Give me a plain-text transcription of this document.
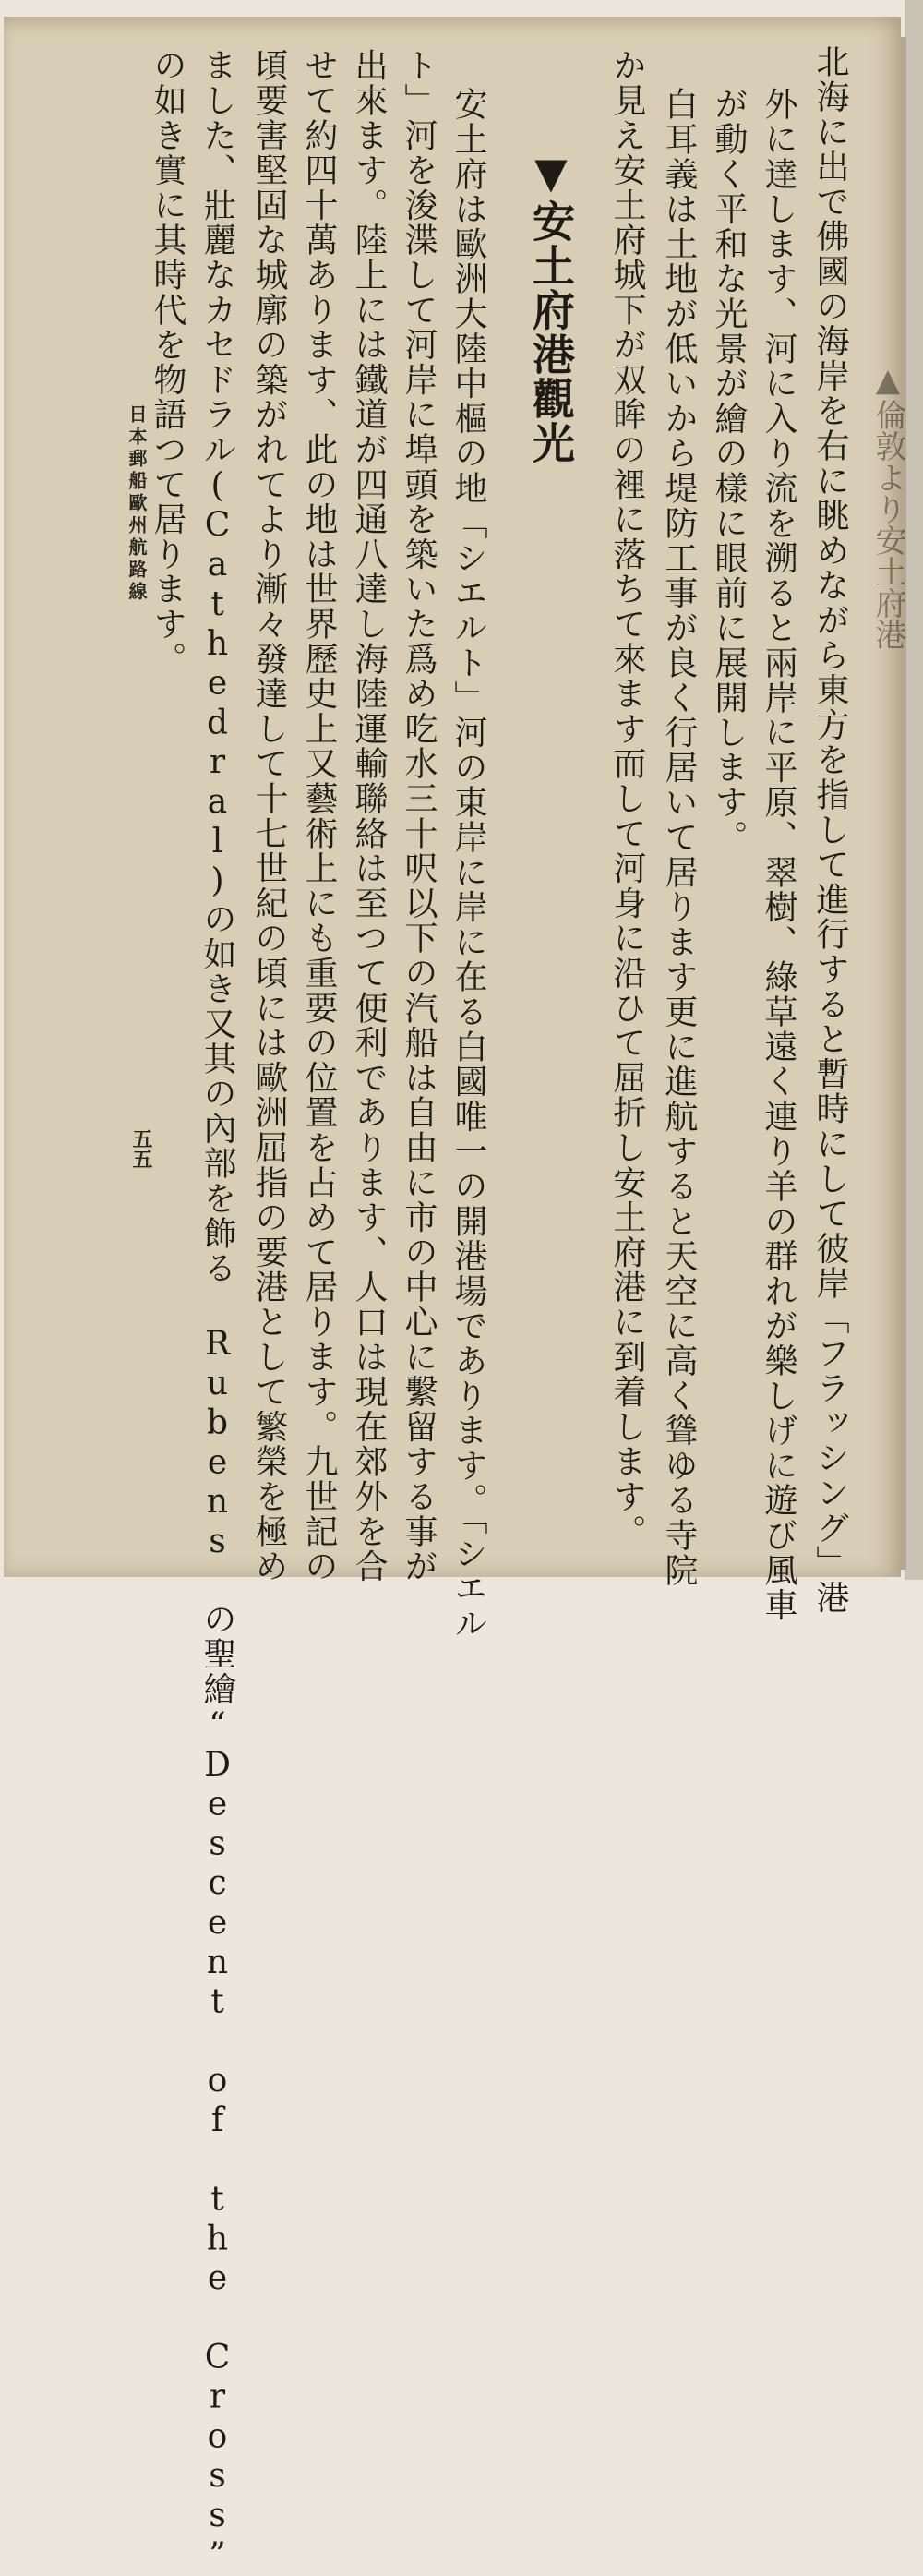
▲倫敦より安土府港
北海に出で佛國の海岸を右に眺めながら東方を指して進行すると暫時にして彼岸「フラッシング」港
外に達します、河に入り流を溯ると兩岸に平原、翠樹、綠草遠く連り羊の群れが樂しげに遊び風車
が動く平和な光景が繪の樣に眼前に展開します。
白耳義は土地が低いから堤防工事が良く行居いて居ります更に進航すると天空に高く聳ゆる寺院
か見え安土府城下が双眸の裡に落ちて來ます而して河身に沿ひて屈折し安土府港に到着します。
▼安土府港觀光
安土府は歐洲大陸中樞の地「シエルト」河の東岸に岸に在る白國唯一の開港場であります。「シエル
ト」河を浚渫して河岸に埠頭を築いた爲め吃水三十呎以下の汽船は自由に市の中心に繫留する事が
出來ます。陸上には鐵道が四通八達し海陸運輸聯絡は至つて便利であります、人口は現在郊外を合
せて約四十萬あります、此の地は世界歷史上又藝術上にも重要の位置を占めて居ります。九世記の
頃要害堅固な城廓の築がれてより漸々發達して十七世紀の頃には歐洲屈指の要港として繁榮を極め
ました、壯麗なカセドラル(Cathedral)の如き又其の內部を飾る Rubens の聖繪“Descent of the Cross”
の如き實に其時代を物語つて居ります。
日本郵船歐州航路線
五五
